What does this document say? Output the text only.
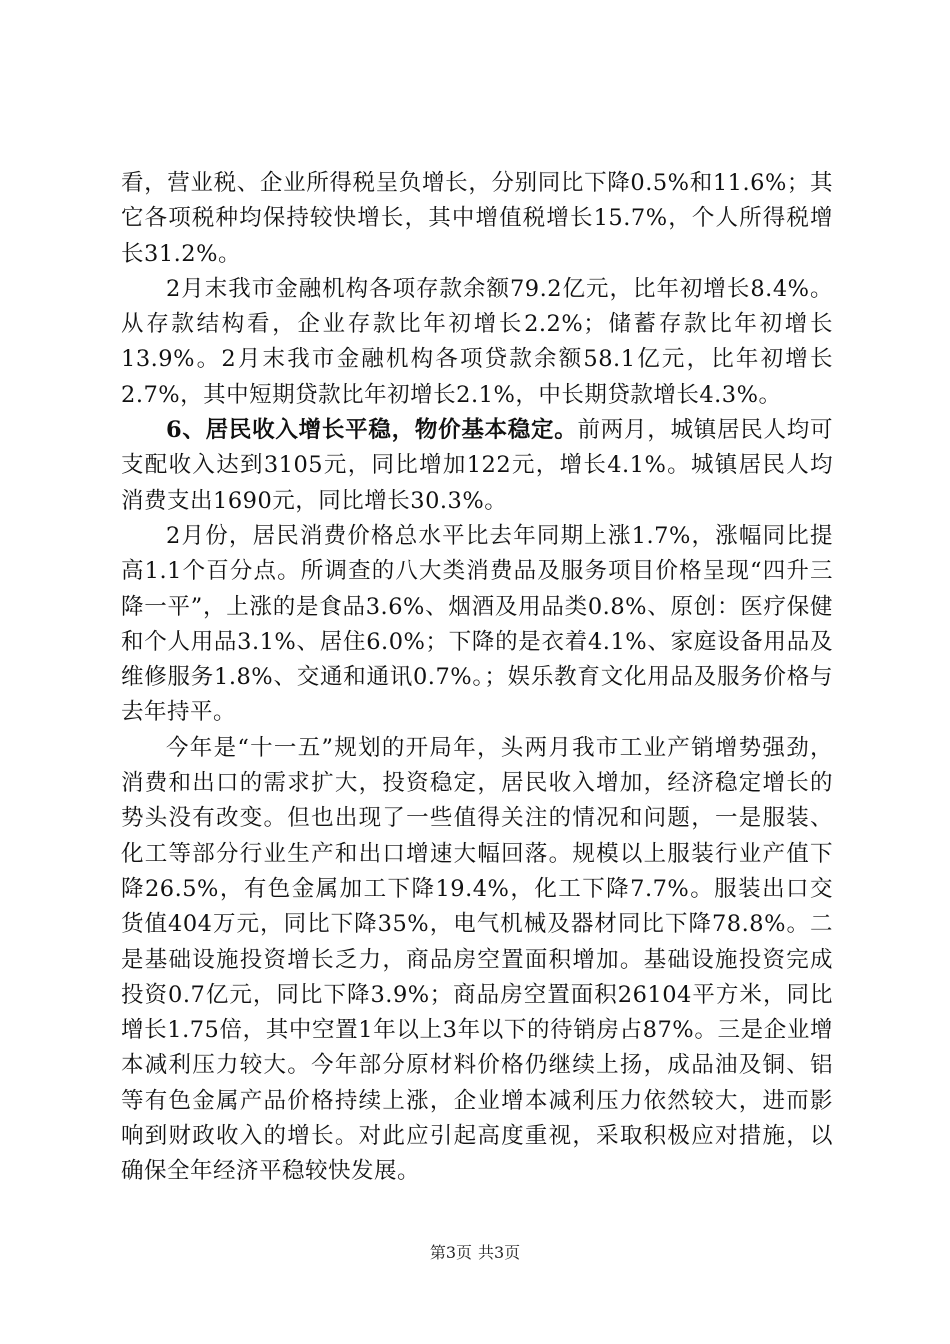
看，营业税、企业所得税呈负增长，分别同比下降0.5%和11.6%；其它各项税种均保持较快增长，其中增值税增长15.7%，个人所得税增长31.2%。

2月末我市金融机构各项存款余额79.2亿元，比年初增长8.4%。从存款结构看，企业存款比年初增长2.2%；储蓄存款比年初增长13.9%。2月末我市金融机构各项贷款余额58.1亿元，比年初增长2.7%，其中短期贷款比年初增长2.1%，中长期贷款增长4.3%。

6、居民收入增长平稳，物价基本稳定。前两月，城镇居民人均可支配收入达到3105元，同比增加122元，增长4.1%。城镇居民人均消费支出1690元，同比增长30.3%。

2月份，居民消费价格总水平比去年同期上涨1.7%，涨幅同比提高1.1个百分点。所调查的八大类消费品及服务项目价格呈现“四升三降一平”，上涨的是食品3.6%、烟酒及用品类0.8%、原创：医疗保健和个人用品3.1%、居住6.0%；下降的是衣着4.1%、家庭设备用品及维修服务1.8%、交通和通讯0.7%。；娱乐教育文化用品及服务价格与去年持平。

今年是“十一五”规划的开局年，头两月我市工业产销增势强劲，消费和出口的需求扩大，投资稳定，居民收入增加，经济稳定增长的势头没有改变。但也出现了一些值得关注的情况和问题，一是服装、化工等部分行业生产和出口增速大幅回落。规模以上服装行业产值下降26.5%，有色金属加工下降19.4%，化工下降7.7%。服装出口交货值404万元，同比下降35%，电气机械及器材同比下降78.8%。二是基础设施投资增长乏力，商品房空置面积增加。基础设施投资完成投资0.7亿元，同比下降3.9%；商品房空置面积26104平方米，同比增长1.75倍，其中空置1年以上3年以下的待销房占87%。三是企业增本减利压力较大。今年部分原材料价格仍继续上扬，成品油及铜、铝等有色金属产品价格持续上涨，企业增本减利压力依然较大，进而影响到财政收入的增长。对此应引起高度重视，采取积极应对措施，以确保全年经济平稳较快发展。

第3页 共3页
